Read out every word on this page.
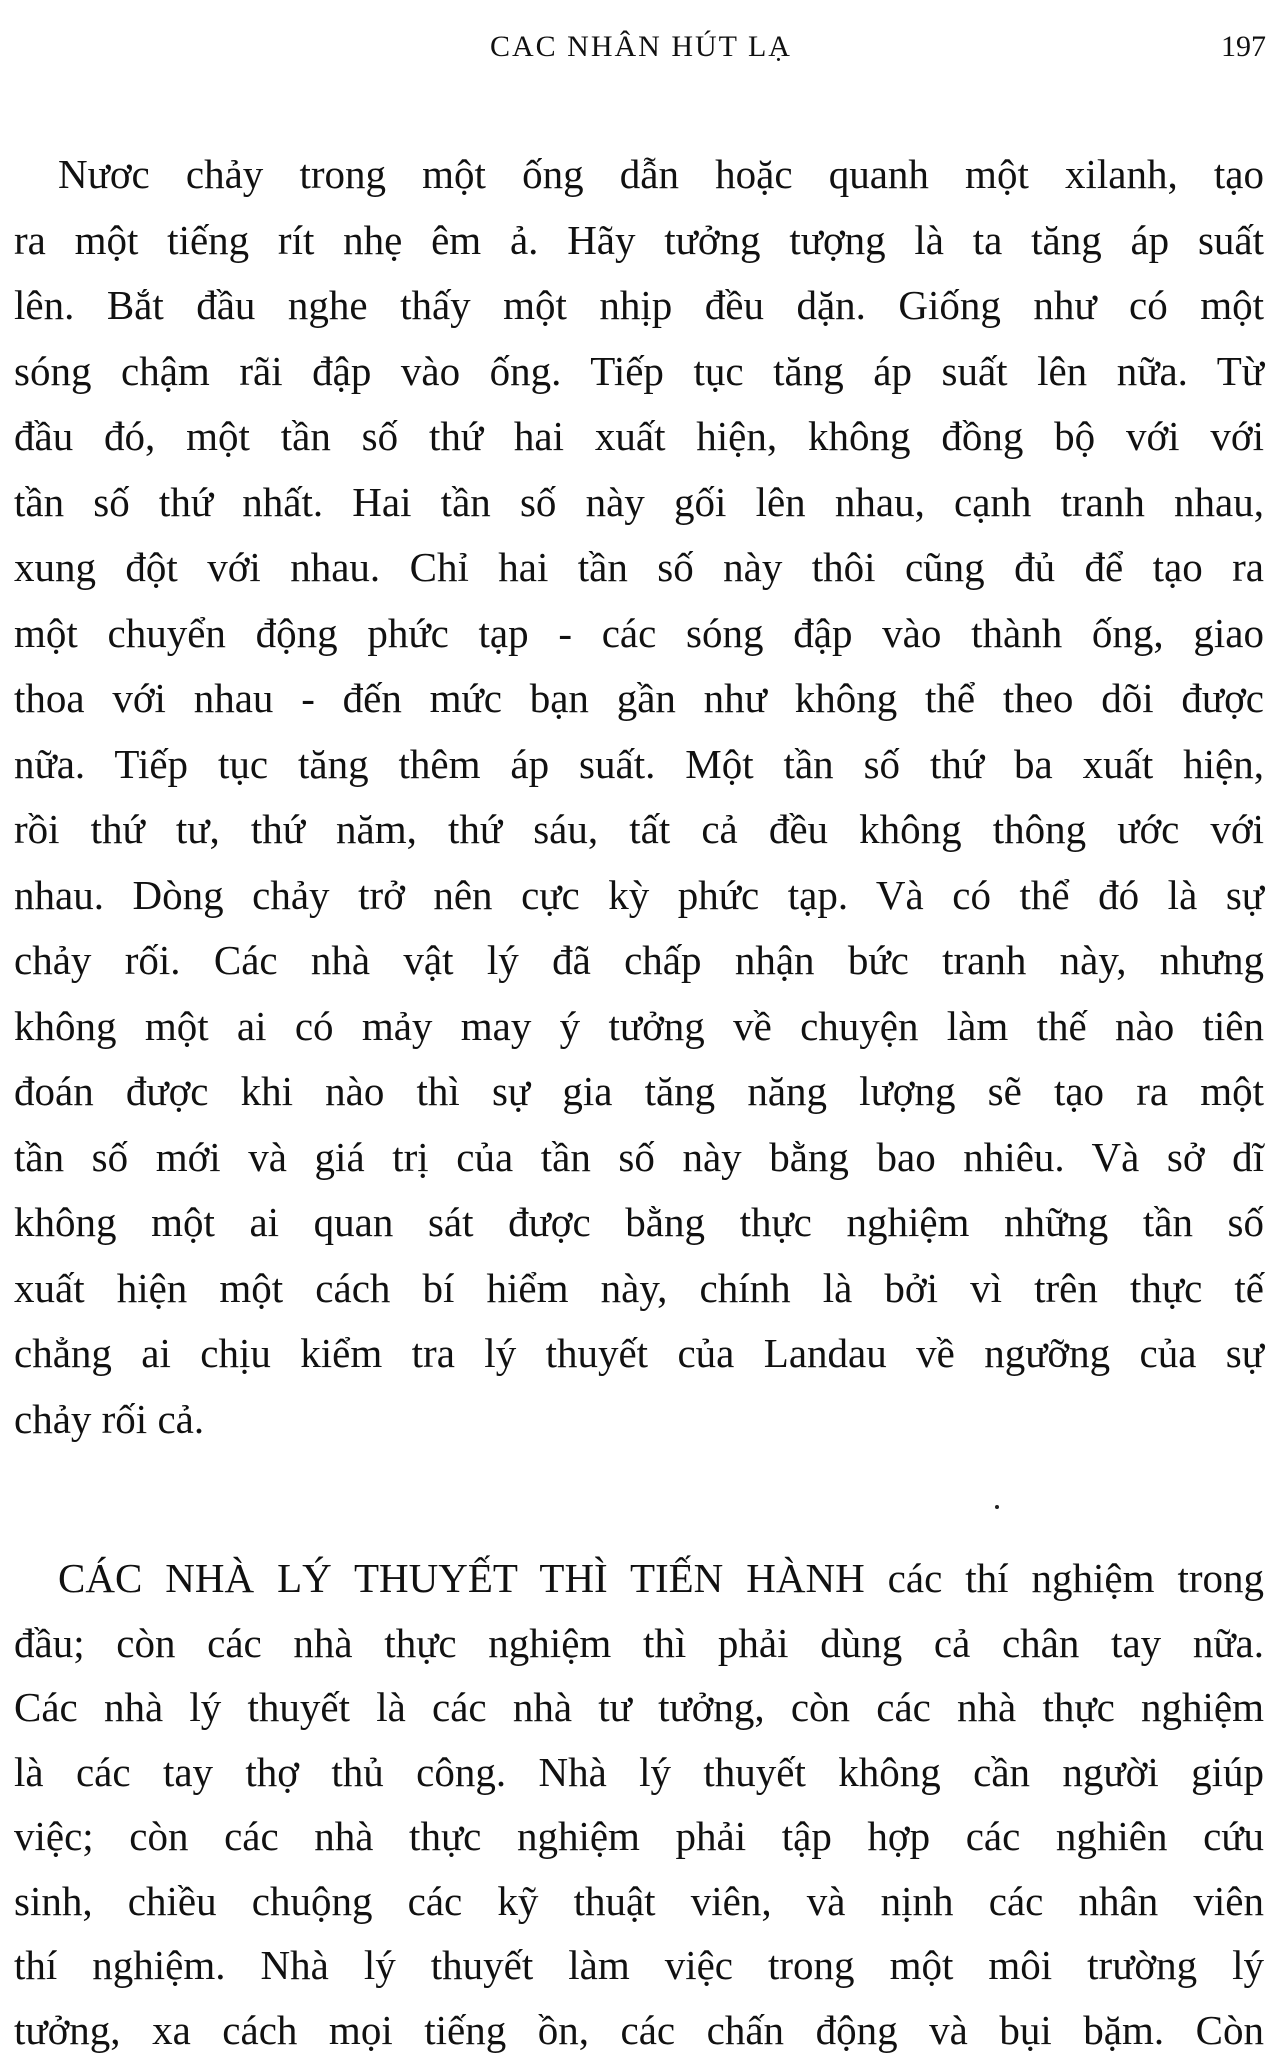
CAC NHÂN HÚT LẠ	197
Nươc chảy trong một ống dẫn hoặc quanh một xilanh, tạo
ra một tiếng rít nhẹ êm ả. Hãy tưởng tượng là ta tăng áp suất
lên. Bắt đầu nghe thấy một nhịp đều dặn. Giống như có một
sóng chậm rãi đập vào ống. Tiếp tục tăng áp suất lên nữa. Từ
đầu đó, một tần số thứ hai xuất hiện, không đồng bộ với với
tần số thứ nhất. Hai tần số này gối lên nhau, cạnh tranh nhau,
xung đột với nhau. Chỉ hai tần số này thôi cũng đủ để tạo ra
một chuyển động phức tạp - các sóng đập vào thành ống, giao
thoa với nhau - đến mức bạn gần như không thể theo dõi được
nữa. Tiếp tục tăng thêm áp suất. Một tần số thứ ba xuất hiện,
rồi thứ tư, thứ năm, thứ sáu, tất cả đều không thông ước với
nhau. Dòng chảy trở nên cực kỳ phức tạp. Và có thể đó là sự
chảy rối. Các nhà vật lý đã chấp nhận bức tranh này, nhưng
không một ai có mảy may ý tưởng về chuyện làm thế nào tiên
đoán được khi nào thì sự gia tăng năng lượng sẽ tạo ra một
tần số mới và giá trị của tần số này bằng bao nhiêu. Và sở dĩ
không một ai quan sát được bằng thực nghiệm những tần số
xuất hiện một cách bí hiểm này, chính là bởi vì trên thực tế
chẳng ai chịu kiểm tra lý thuyết của Landau về ngưỡng của sự
chảy rối cả.
CÁC NHÀ LÝ THUYẾT THÌ TIẾN HÀNH các thí nghiệm trong
đầu; còn các nhà thực nghiệm thì phải dùng cả chân tay nữa.
Các nhà lý thuyết là các nhà tư tưởng, còn các nhà thực nghiệm
là các tay thợ thủ công. Nhà lý thuyết không cần người giúp
việc; còn các nhà thực nghiệm phải tập hợp các nghiên cứu
sinh, chiều chuộng các kỹ thuật viên, và nịnh các nhân viên
thí nghiệm. Nhà lý thuyết làm việc trong một môi trường lý
tưởng, xa cách mọi tiếng ồn, các chấn động và bụi bặm. Còn
